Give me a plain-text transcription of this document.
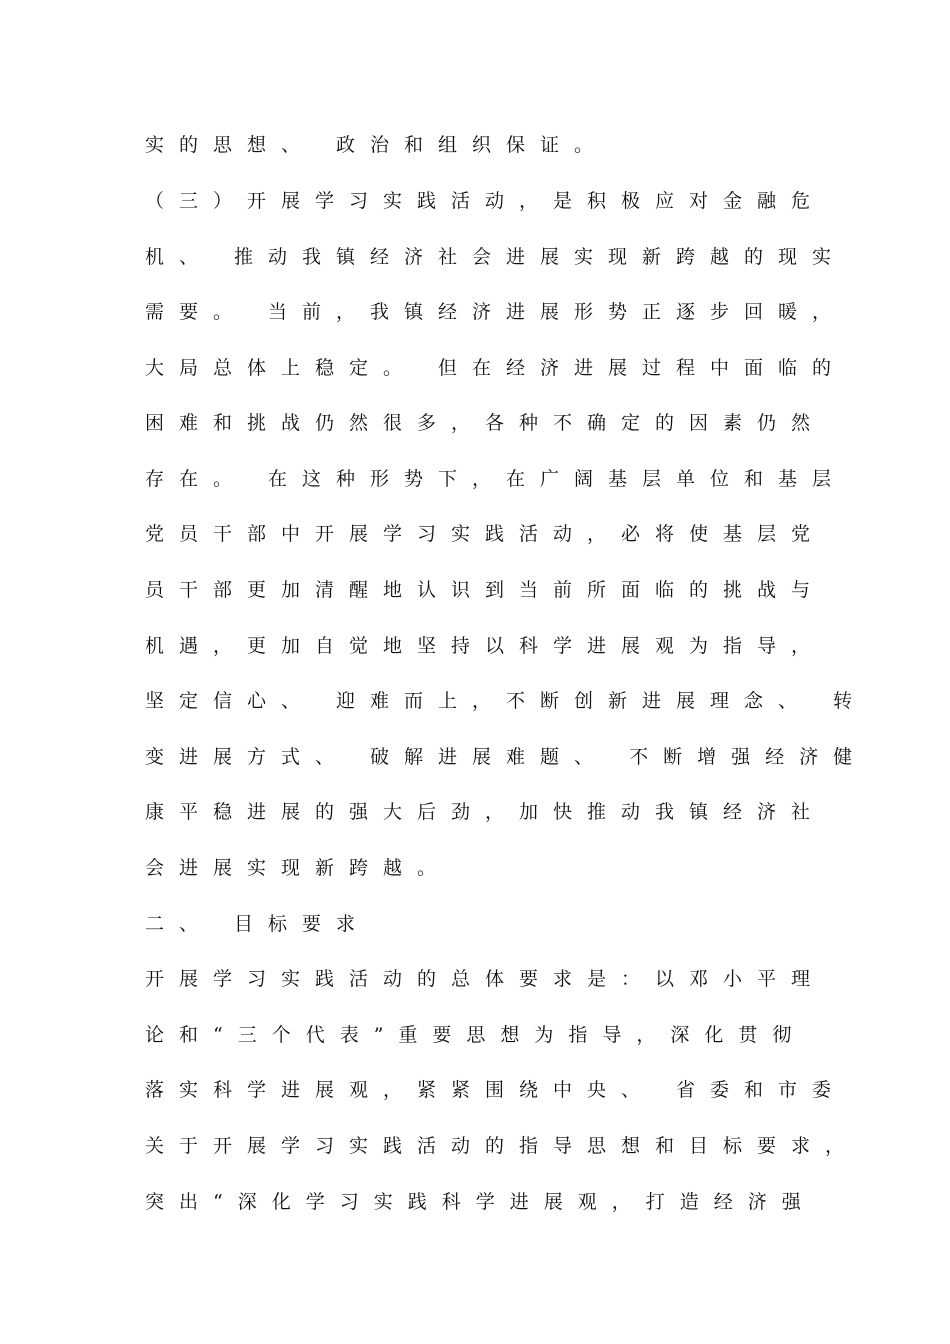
实的思想、 政治和组织保证。

（三）开展学习实践活动，是积极应对金融危

机、 推动我镇经济社会进展实现新跨越的现实

需要。 当前，我镇经济进展形势正逐步回暖，

大局总体上稳定。 但在经济进展过程中面临的

困难和挑战仍然很多，各种不确定的因素仍然

存在。 在这种形势下，在广阔基层单位和基层

党员干部中开展学习实践活动，必将使基层党

员干部更加清醒地认识到当前所面临的挑战与

机遇，更加自觉地坚持以科学进展观为指导，

坚定信心、 迎难而上，不断创新进展理念、 转

变进展方式、 破解进展难题、 不断增强经济健

康平稳进展的强大后劲，加快推动我镇经济社

会进展实现新跨越。

二、 目标要求

开展学习实践活动的总体要求是：以邓小平理

论和“三个代表”重要思想为指导，深化贯彻

落实科学进展观，紧紧围绕中央、 省委和市委

关于开展学习实践活动的指导思想和目标要求，

突出“深化学习实践科学进展观，打造经济强
